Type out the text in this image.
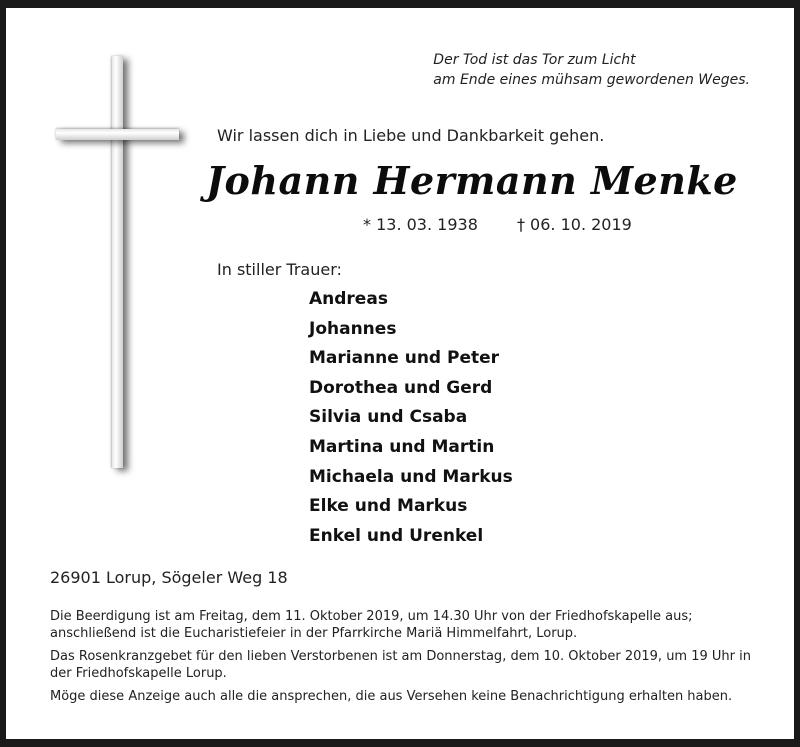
Der Tod ist das Tor zum Licht
am Ende eines mühsam gewordenen Weges.
Wir lassen dich in Liebe und Dankbarkeit gehen.
Johann Hermann Menke
* 13. 03. 1938 † 06. 10. 2019
In stiller Trauer:
Andreas
Johannes
Marianne und Peter
Dorothea und Gerd
Silvia und Csaba
Martina und Martin
Michaela und Markus
Elke und Markus
Enkel und Urenkel
26901 Lorup, Sögeler Weg 18

Die Beerdigung ist am Freitag, dem 11. Oktober 2019, um 14.30 Uhr von der Friedhofskapelle aus; anschließend ist die Eucharistiefeier in der Pfarrkirche Mariä Himmelfahrt, Lorup.

Das Rosenkranzgebet für den lieben Verstorbenen ist am Donnerstag, dem 10. Oktober 2019, um 19 Uhr in der Friedhofskapelle Lorup.

Möge diese Anzeige auch alle die ansprechen, die aus Versehen keine Benachrichtigung erhalten haben.
